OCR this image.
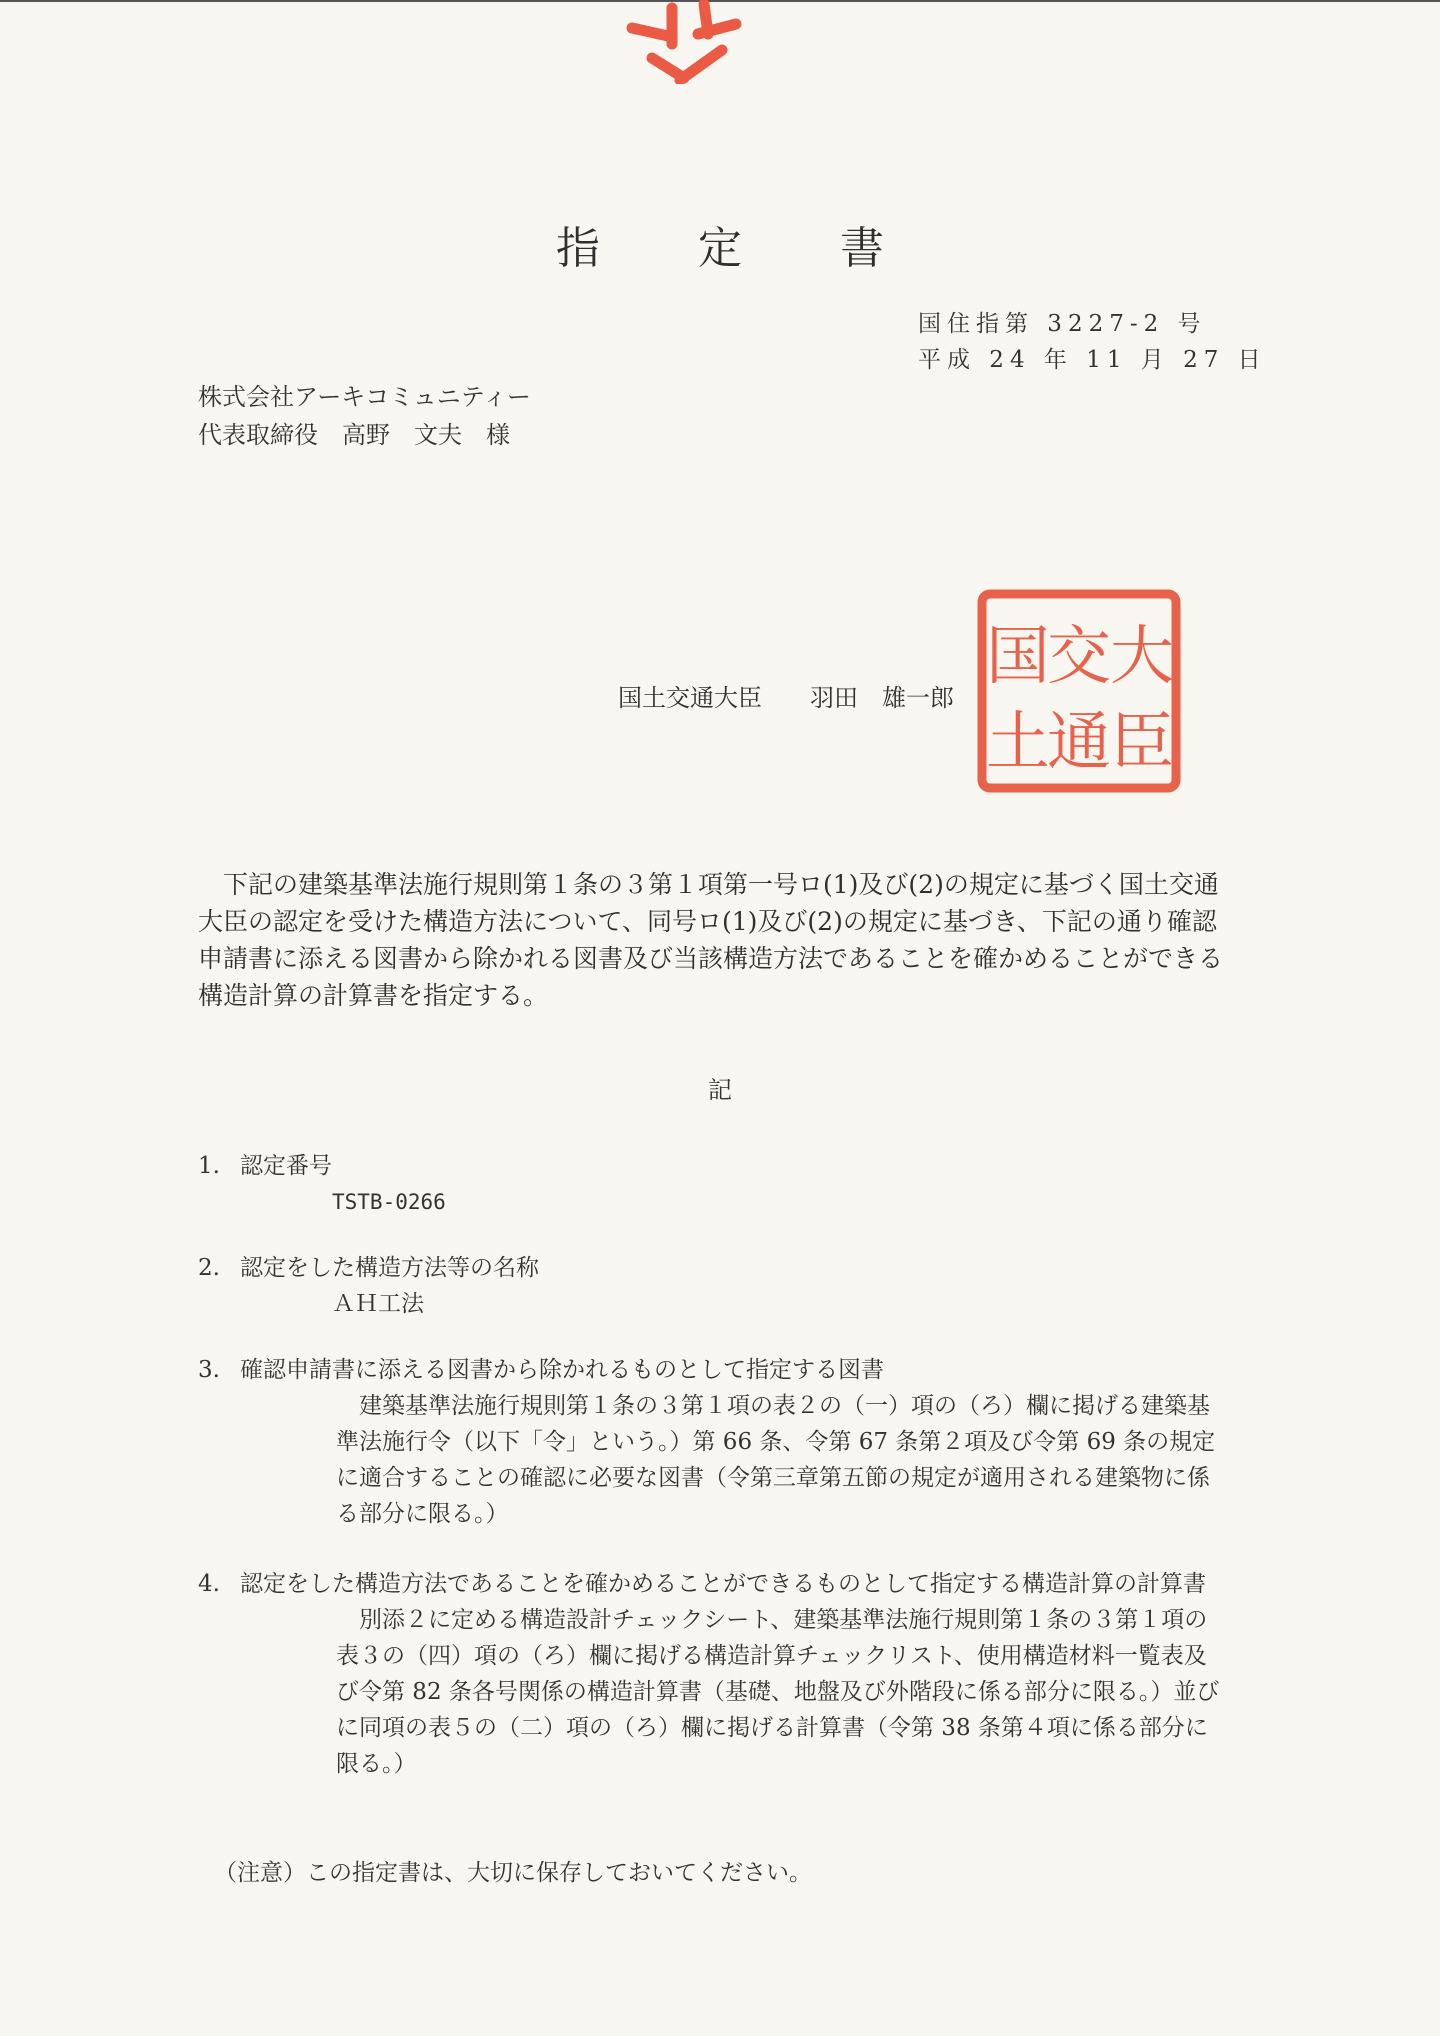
指 定 書
国住指第 3227-2 号
平成 24 年 11 月 27 日
株式会社アーキコミュニティー
代表取締役　高野　文夫　様
国土交通大臣　　 羽田　雄一郎
大
臣
交
通
国
土
下記の建築基準法施行規則第１条の３第１項第一号ロ(1)及び(2)の規定に基づく国土交通大臣の認定を受けた構造方法について、同号ロ(1)及び(2)の規定に基づき、下記の通り確認申請書に添える図書から除かれる図書及び当該構造方法であることを確かめることができる構造計算の計算書を指定する。
記
1. 認定番号
TSTB-0266
2. 認定をした構造方法等の名称
ＡＨ工法
3. 確認申請書に添える図書から除かれるものとして指定する図書
建築基準法施行規則第１条の３第１項の表２の（一）項の（ろ）欄に掲げる建築基準法施行令（以下「令」という。）第 66 条、令第 67 条第２項及び令第 69 条の規定に適合することの確認に必要な図書（令第三章第五節の規定が適用される建築物に係る部分に限る。）
4. 認定をした構造方法であることを確かめることができるものとして指定する構造計算の計算書
別添２に定める構造設計チェックシート、建築基準法施行規則第１条の３第１項の表３の（四）項の（ろ）欄に掲げる構造計算チェックリスト、使用構造材料一覧表及び令第 82 条各号関係の構造計算書（基礎、地盤及び外階段に係る部分に限る。）並びに同項の表５の（二）項の（ろ）欄に掲げる計算書（令第 38 条第４項に係る部分に限る。）
（注意）この指定書は、大切に保存しておいてください。
